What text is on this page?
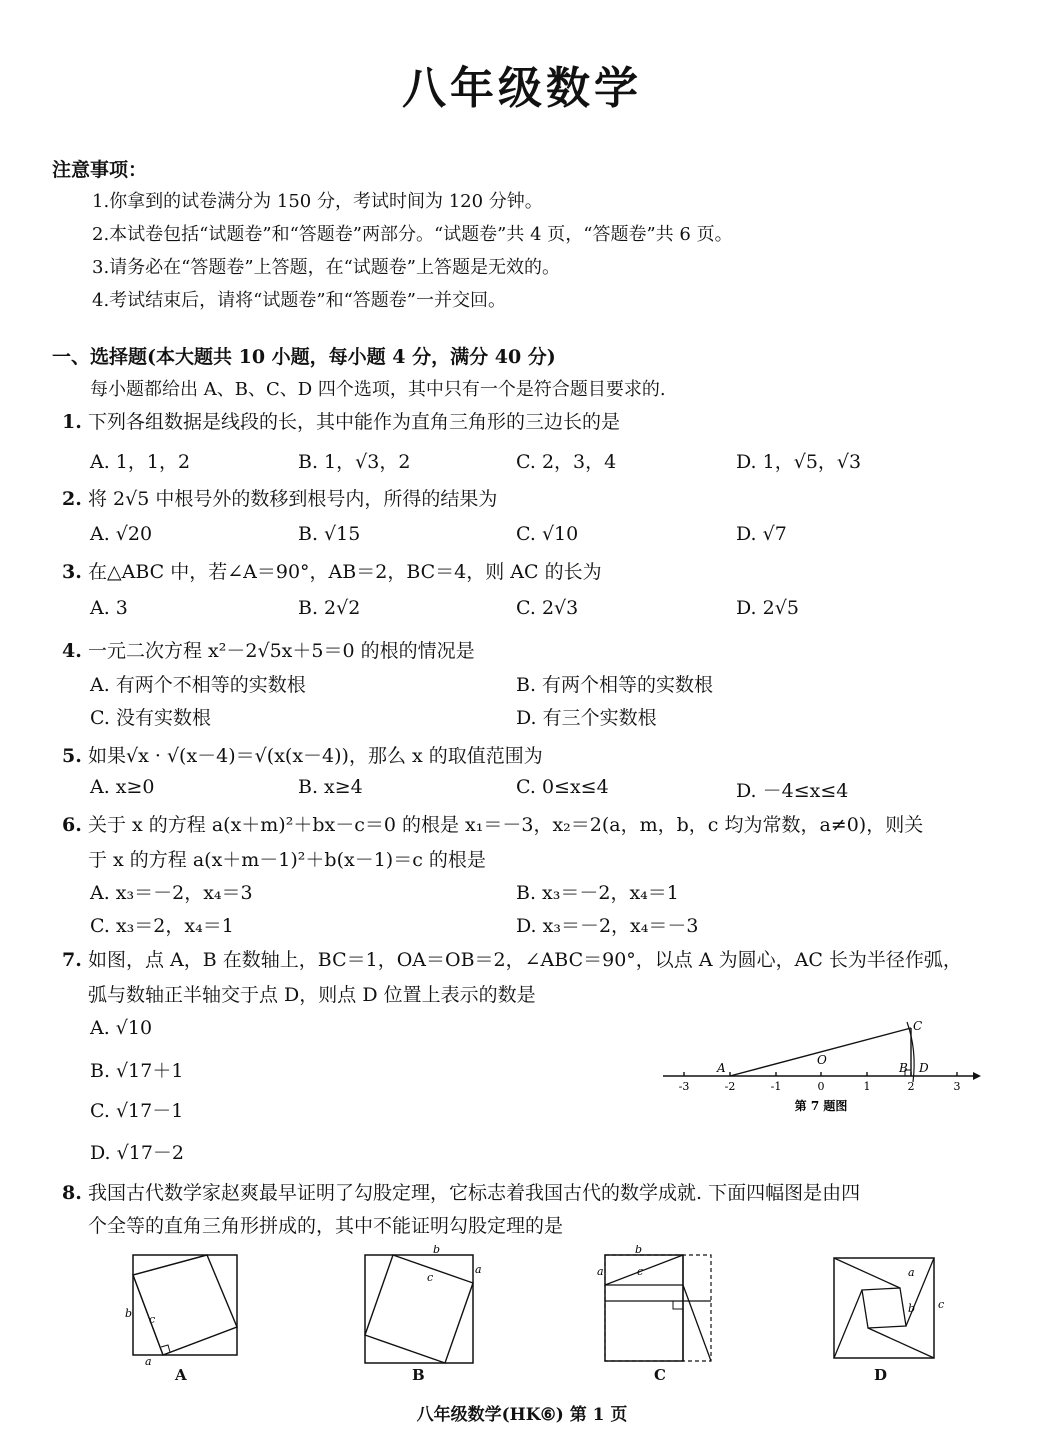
八年级数学
注意事项：
1.你拿到的试卷满分为 150 分，考试时间为 120 分钟。
2.本试卷包括“试题卷”和“答题卷”两部分。“试题卷”共 4 页，“答题卷”共 6 页。
3.请务必在“答题卷”上答题，在“试题卷”上答题是无效的。
4.考试结束后，请将“试题卷”和“答题卷”一并交回。
一、选择题(本大题共 10 小题，每小题 4 分，满分 40 分)
每小题都给出 A、B、C、D 四个选项，其中只有一个是符合题目要求的.
1. 下列各组数据是线段的长，其中能作为直角三角形的三边长的是
A. 1，1，2	B. 1，√3，2	C. 2，3，4	D. 1，√5，√3
2. 将 2√5 中根号外的数移到根号内，所得的结果为
A. √20	B. √15	C. √10	D. √7
3. 在△ABC 中，若∠A＝90°，AB＝2，BC＝4，则 AC 的长为
A. 3	B. 2√2	C. 2√3	D. 2√5
4. 一元二次方程 x²－2√5x＋5＝0 的根的情况是
A. 有两个不相等的实数根	B. 有两个相等的实数根
C. 没有实数根	D. 有三个实数根
5. 如果√x · √(x－4)＝√(x(x－4))，那么 x 的取值范围为
A. x≥0	B. x≥4	C. 0≤x≤4	D. －4≤x≤4
6. 关于 x 的方程 a(x＋m)²＋bx－c＝0 的根是 x₁＝－3，x₂＝2(a，m，b，c 均为常数，a≠0)，则关
于 x 的方程 a(x＋m－1)²＋b(x－1)＝c 的根是
A. x₃＝－2，x₄＝3	B. x₃＝－2，x₄＝1
C. x₃＝2，x₄＝1	D. x₃＝－2，x₄＝－3
7. 如图，点 A，B 在数轴上，BC＝1，OA＝OB＝2，∠ABC＝90°，以点 A 为圆心，AC 长为半径作弧，
弧与数轴正半轴交于点 D，则点 D 位置上表示的数是
A. √10
B. √17＋1
C. √17－1
D. √17－2
-3	-2	-1	0	1	2	3
A
O
B
C
D
第 7 题图
8. 我国古代数学家赵爽最早证明了勾股定理，它标志着我国古代的数学成就. 下面四幅图是由四
个全等的直角三角形拼成的，其中不能证明勾股定理的是
b c
a
A
b
a
c
B
b
a	c
C
a
b c
D
八年级数学(HK⑥) 第 1 页
